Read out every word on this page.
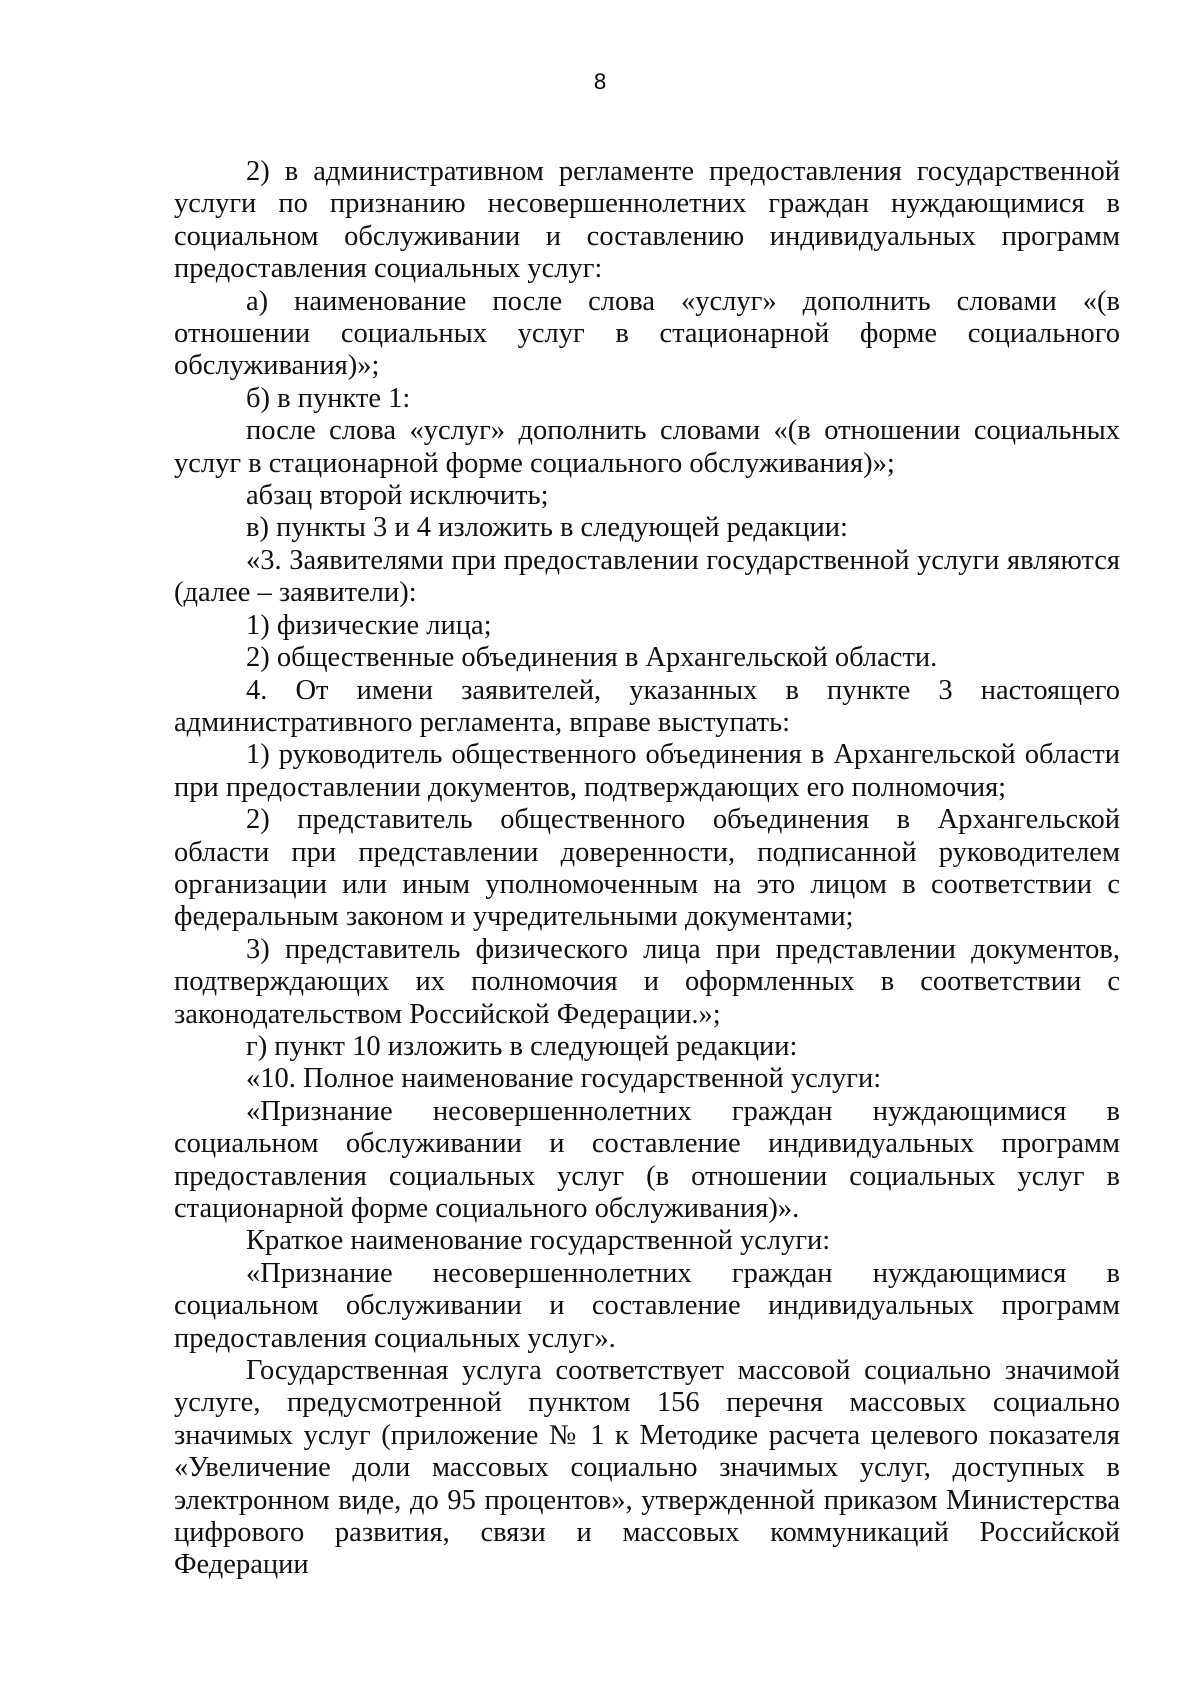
8

2) в административном регламенте предоставления государственной услуги по признанию несовершеннолетних граждан нуждающимися в социальном обслуживании и составлению индивидуальных программ предоставления социальных услуг:

а) наименование после слова «услуг» дополнить словами «(в отношении социальных услуг в стационарной форме социального обслуживания)»;

б) в пункте 1:

после слова «услуг» дополнить словами «(в отношении социальных услуг в стационарной форме социального обслуживания)»;

абзац второй исключить;

в) пункты 3 и 4 изложить в следующей редакции:

«3. Заявителями при предоставлении государственной услуги являются (далее – заявители):

1) физические лица;

2) общественные объединения в Архангельской области.

4. От имени заявителей, указанных в пункте 3 настоящего административного регламента, вправе выступать:

1) руководитель общественного объединения в Архангельской области при предоставлении документов, подтверждающих его полномочия;

2) представитель общественного объединения в Архангельской области при представлении доверенности, подписанной руководителем организации или иным уполномоченным на это лицом в соответствии с федеральным законом и учредительными документами;

3) представитель физического лица при представлении документов, подтверждающих их полномочия и оформленных в соответствии с законодательством Российской Федерации.»;

г) пункт 10 изложить в следующей редакции:

«10. Полное наименование государственной услуги:

«Признание несовершеннолетних граждан нуждающимися в социальном обслуживании и составление индивидуальных программ предоставления социальных услуг (в отношении социальных услуг в стационарной форме социального обслуживания)».

Краткое наименование государственной услуги:

«Признание несовершеннолетних граждан нуждающимися в социальном обслуживании и составление индивидуальных программ предоставления социальных услуг».

Государственная услуга соответствует массовой социально значимой услуге, предусмотренной пунктом 156 перечня массовых социально значимых услуг (приложение № 1 к Методике расчета целевого показателя «Увеличение доли массовых социально значимых услуг, доступных в электронном виде, до 95 процентов», утвержденной приказом Министерства цифрового развития, связи и массовых коммуникаций Российской Федерации
